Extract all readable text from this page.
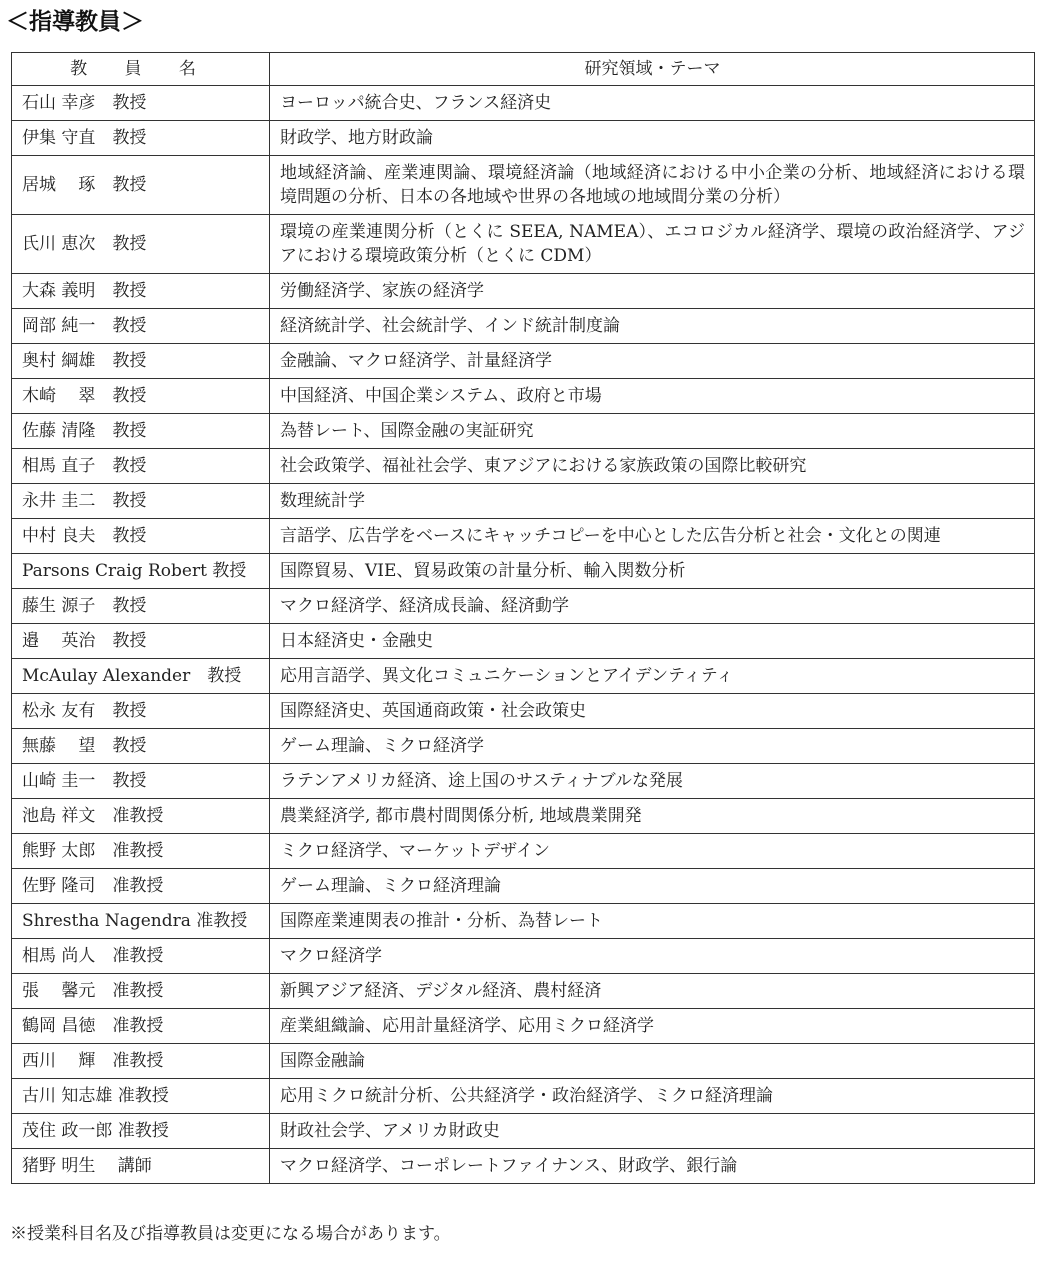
＜指導教員＞
教 員 名	研究領域・テーマ
石山 幸彦　教授	ヨーロッパ統合史、フランス経済史
伊集 守直　教授	財政学、地方財政論
居城　 琢　教授	地域経済論、産業連関論、環境経済論（地域経済における中小企業の分析、地域経済における環境問題の分析、日本の各地域や世界の各地域の地域間分業の分析）
氏川 恵次　教授	環境の産業連関分析（とくに SEEA, NAMEA）、エコロジカル経済学、環境の政治経済学、アジアにおける環境政策分析（とくに CDM）
大森 義明　教授	労働経済学、家族の経済学
岡部 純一　教授	経済統計学、社会統計学、インド統計制度論
奥村 綱雄　教授	金融論、マクロ経済学、計量経済学
木崎　 翠　教授	中国経済、中国企業システム、政府と市場
佐藤 清隆　教授	為替レート、国際金融の実証研究
相馬 直子　教授	社会政策学、福祉社会学、東アジアにおける家族政策の国際比較研究
永井 圭二　教授	数理統計学
中村 良夫　教授	言語学、広告学をベースにキャッチコピーを中心とした広告分析と社会・文化との関連
Parsons Craig Robert 教授	国際貿易、VIE、貿易政策の計量分析、輸入関数分析
藤生 源子　教授	マクロ経済学、経済成長論、経済動学
邉　 英治　教授	日本経済史・金融史
McAulay Alexander　教授	応用言語学、異文化コミュニケーションとアイデンティティ
松永 友有　教授	国際経済史、英国通商政策・社会政策史
無藤　 望　教授	ゲーム理論、ミクロ経済学
山崎 圭一　教授	ラテンアメリカ経済、途上国のサスティナブルな発展
池島 祥文　准教授	農業経済学, 都市農村間関係分析, 地域農業開発
熊野 太郎　准教授	ミクロ経済学、マーケットデザイン
佐野 隆司　准教授	ゲーム理論、ミクロ経済理論
Shrestha Nagendra 准教授	国際産業連関表の推計・分析、為替レート
相馬 尚人　准教授	マクロ経済学
張　 馨元　准教授	新興アジア経済、デジタル経済、農村経済
鶴岡 昌徳　准教授	産業組織論、応用計量経済学、応用ミクロ経済学
西川　 輝　准教授	国際金融論
古川 知志雄 准教授	応用ミクロ統計分析、公共経済学・政治経済学、ミクロ経済理論
茂住 政一郎 准教授	財政社会学、アメリカ財政史
猪野 明生　 講師	マクロ経済学、コーポレートファイナンス、財政学、銀行論
※授業科目名及び指導教員は変更になる場合があります。
